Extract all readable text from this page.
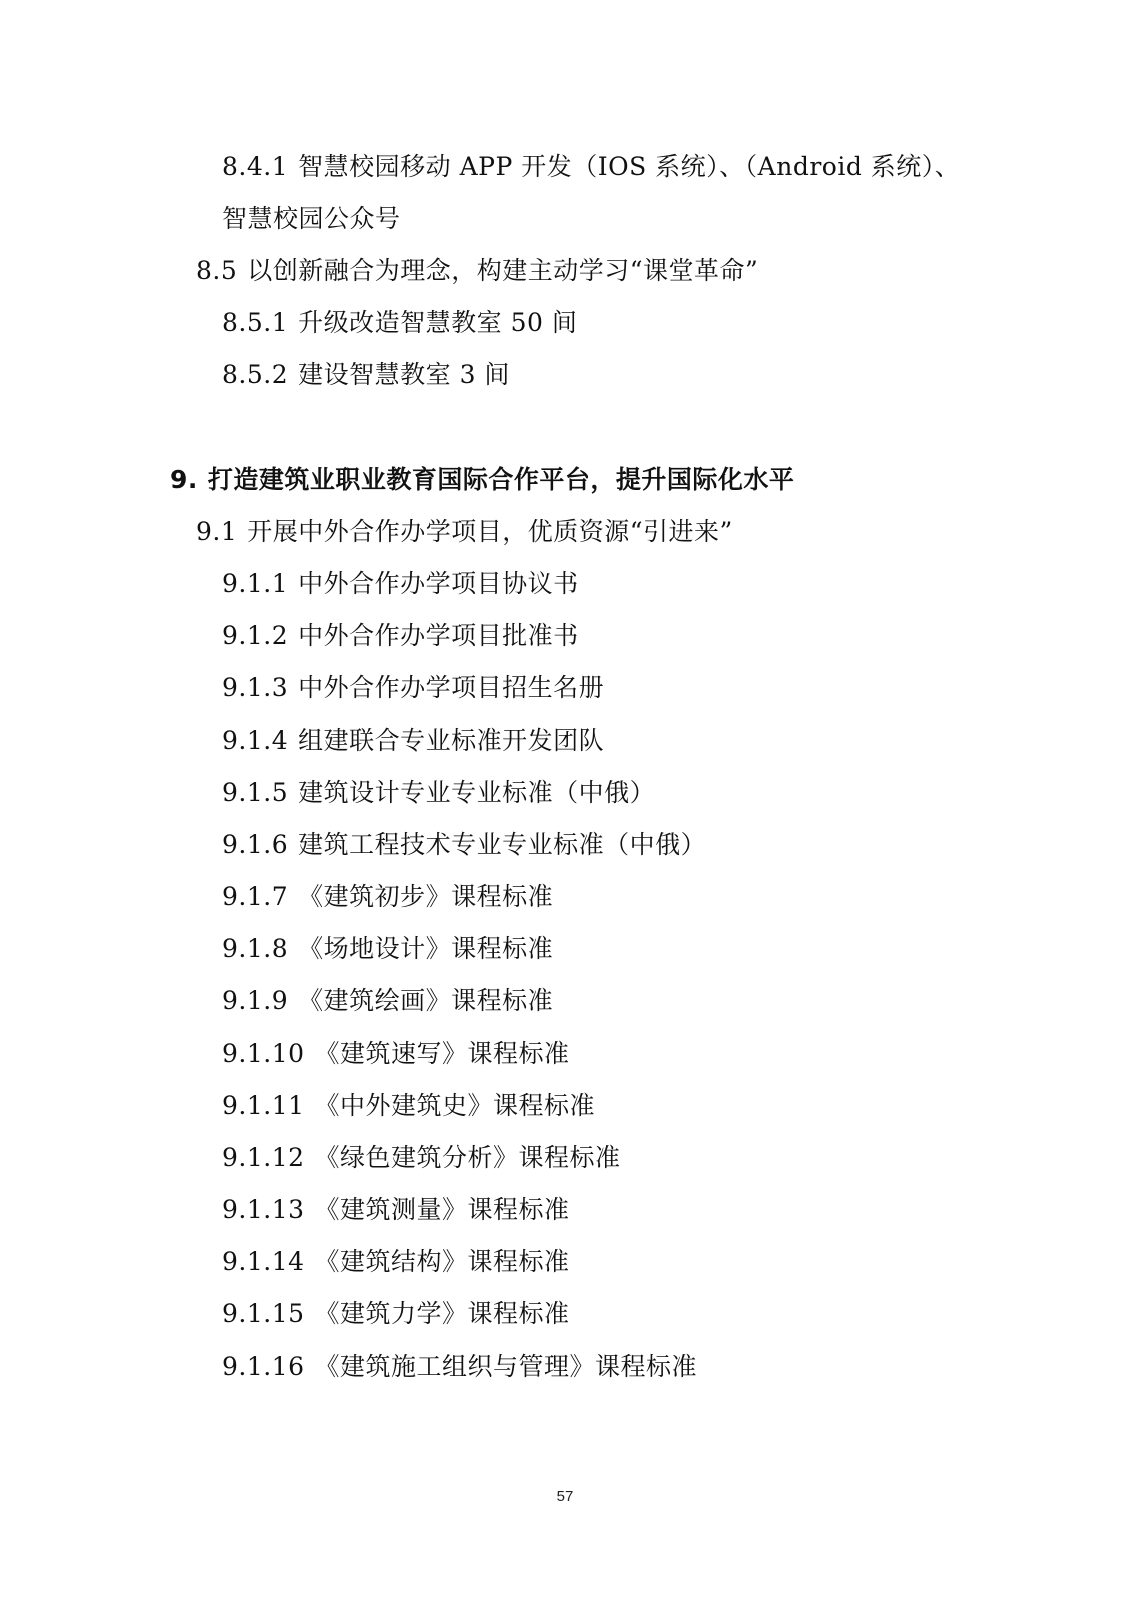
8.4.1 智慧校园移动 APP 开发（IOS 系统）、（Android 系统）、
智慧校园公众号
8.5 以创新融合为理念，构建主动学习“课堂革命”
8.5.1 升级改造智慧教室 50 间
8.5.2 建设智慧教室 3 间
9. 打造建筑业职业教育国际合作平台，提升国际化水平
9.1 开展中外合作办学项目，优质资源“引进来”
9.1.1 中外合作办学项目协议书
9.1.2 中外合作办学项目批准书
9.1.3 中外合作办学项目招生名册
9.1.4 组建联合专业标准开发团队
9.1.5 建筑设计专业专业标准（中俄）
9.1.6 建筑工程技术专业专业标准（中俄）
9.1.7 《建筑初步》课程标准
9.1.8 《场地设计》课程标准
9.1.9 《建筑绘画》课程标准
9.1.10 《建筑速写》课程标准
9.1.11 《中外建筑史》课程标准
9.1.12 《绿色建筑分析》课程标准
9.1.13 《建筑测量》课程标准
9.1.14 《建筑结构》课程标准
9.1.15 《建筑力学》课程标准
9.1.16 《建筑施工组织与管理》课程标准
57
